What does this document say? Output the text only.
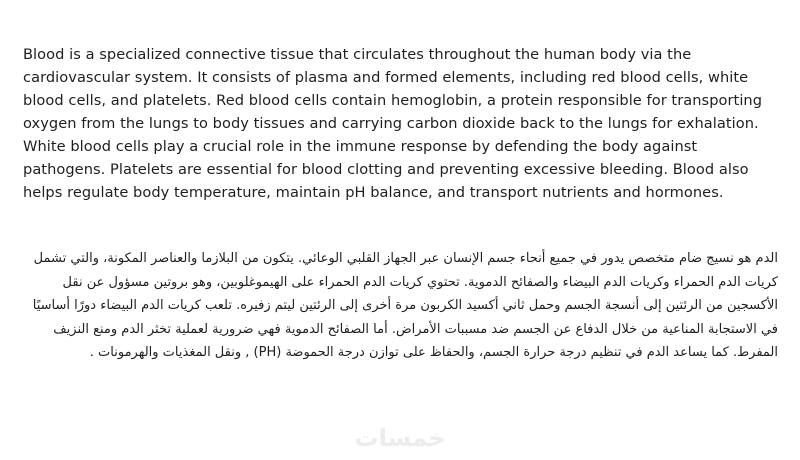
Blood is a specialized connective tissue that circulates throughout the human body via the cardiovascular system. It consists of plasma and formed elements, including red blood cells, white blood cells, and platelets. Red blood cells contain hemoglobin, a protein responsible for transporting oxygen from the lungs to body tissues and carrying carbon dioxide back to the lungs for exhalation. White blood cells play a crucial role in the immune response by defending the body against pathogens. Platelets are essential for blood clotting and preventing excessive bleeding. Blood also helps regulate body temperature, maintain pH balance, and transport nutrients and hormones.

الدم هو نسيج ضام متخصص يدور في جميع أنحاء جسم الإنسان عبر الجهاز القلبي الوعائي. يتكون من البلازما والعناصر المكونة، والتي تشمل كريات الدم الحمراء وكريات الدم البيضاء والصفائح الدموية. تحتوي كريات الدم الحمراء على الهيموغلوبين، وهو بروتين مسؤول عن نقل الأكسجين من الرئتين إلى أنسجة الجسم وحمل ثاني أكسيد الكربون مرة أخرى إلى الرئتين ليتم زفيره. تلعب كريات الدم البيضاء دورًا أساسيًا في الاستجابة المناعية من خلال الدفاع عن الجسم ضد مسببات الأمراض. أما الصفائح الدموية فهي ضرورية لعملية تخثر الدم ومنع النزيف المفرط. كما يساعد الدم في تنظيم درجة حرارة الجسم، والحفاظ على توازن درجة الحموضة (PH) , ونقل المغذيات والهرمونات .

خمسات
